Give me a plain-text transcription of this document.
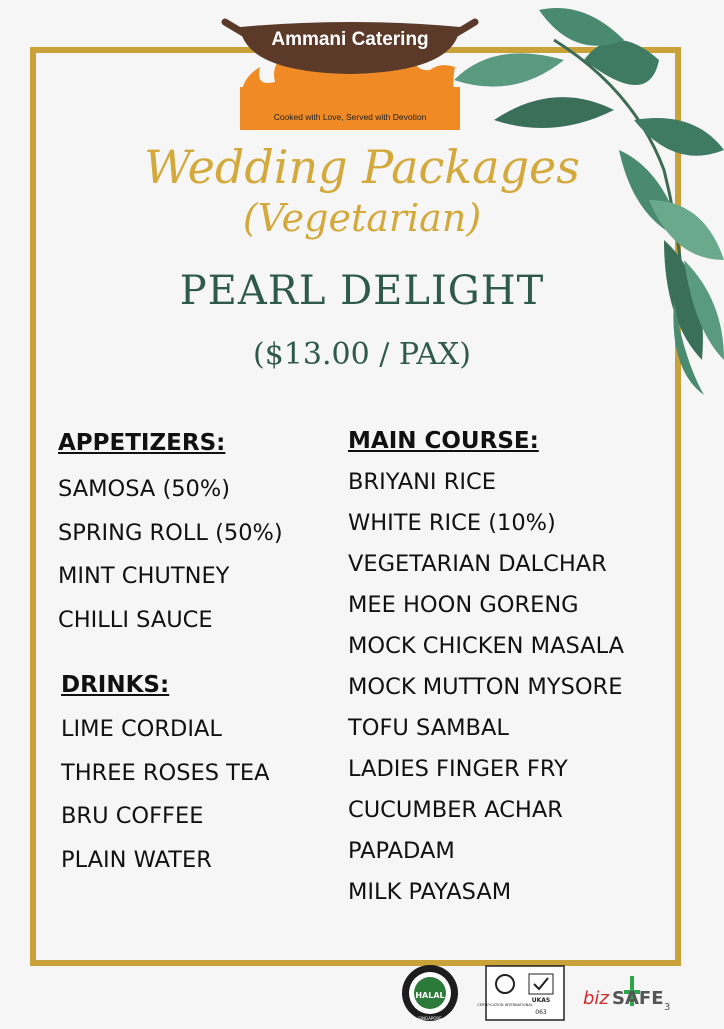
Ammani Catering
Cooked with Love, Served with Devotion
Wedding Packages
(Vegetarian)
PEARL DELIGHT
($13.00 / PAX)
APPETIZERS:
SAMOSA (50%)
SPRING ROLL (50%)
MINT CHUTNEY
CHILLI SAUCE
DRINKS:
LIME CORDIAL
THREE ROSES TEA
BRU COFFEE
PLAIN WATER
MAIN COURSE:
BRIYANI RICE
WHITE RICE (10%)
VEGETARIAN DALCHAR
MEE HOON GORENG
MOCK CHICKEN MASALA
MOCK MUTTON MYSORE
TOFU SAMBAL
LADIES FINGER FRY
CUCUMBER ACHAR
PAPADAM
MILK PAYASAM
HALAL
SINGAPORE
CERTIFICATION INTERNATIONAL
UKAS
063
biz SAFE 3
